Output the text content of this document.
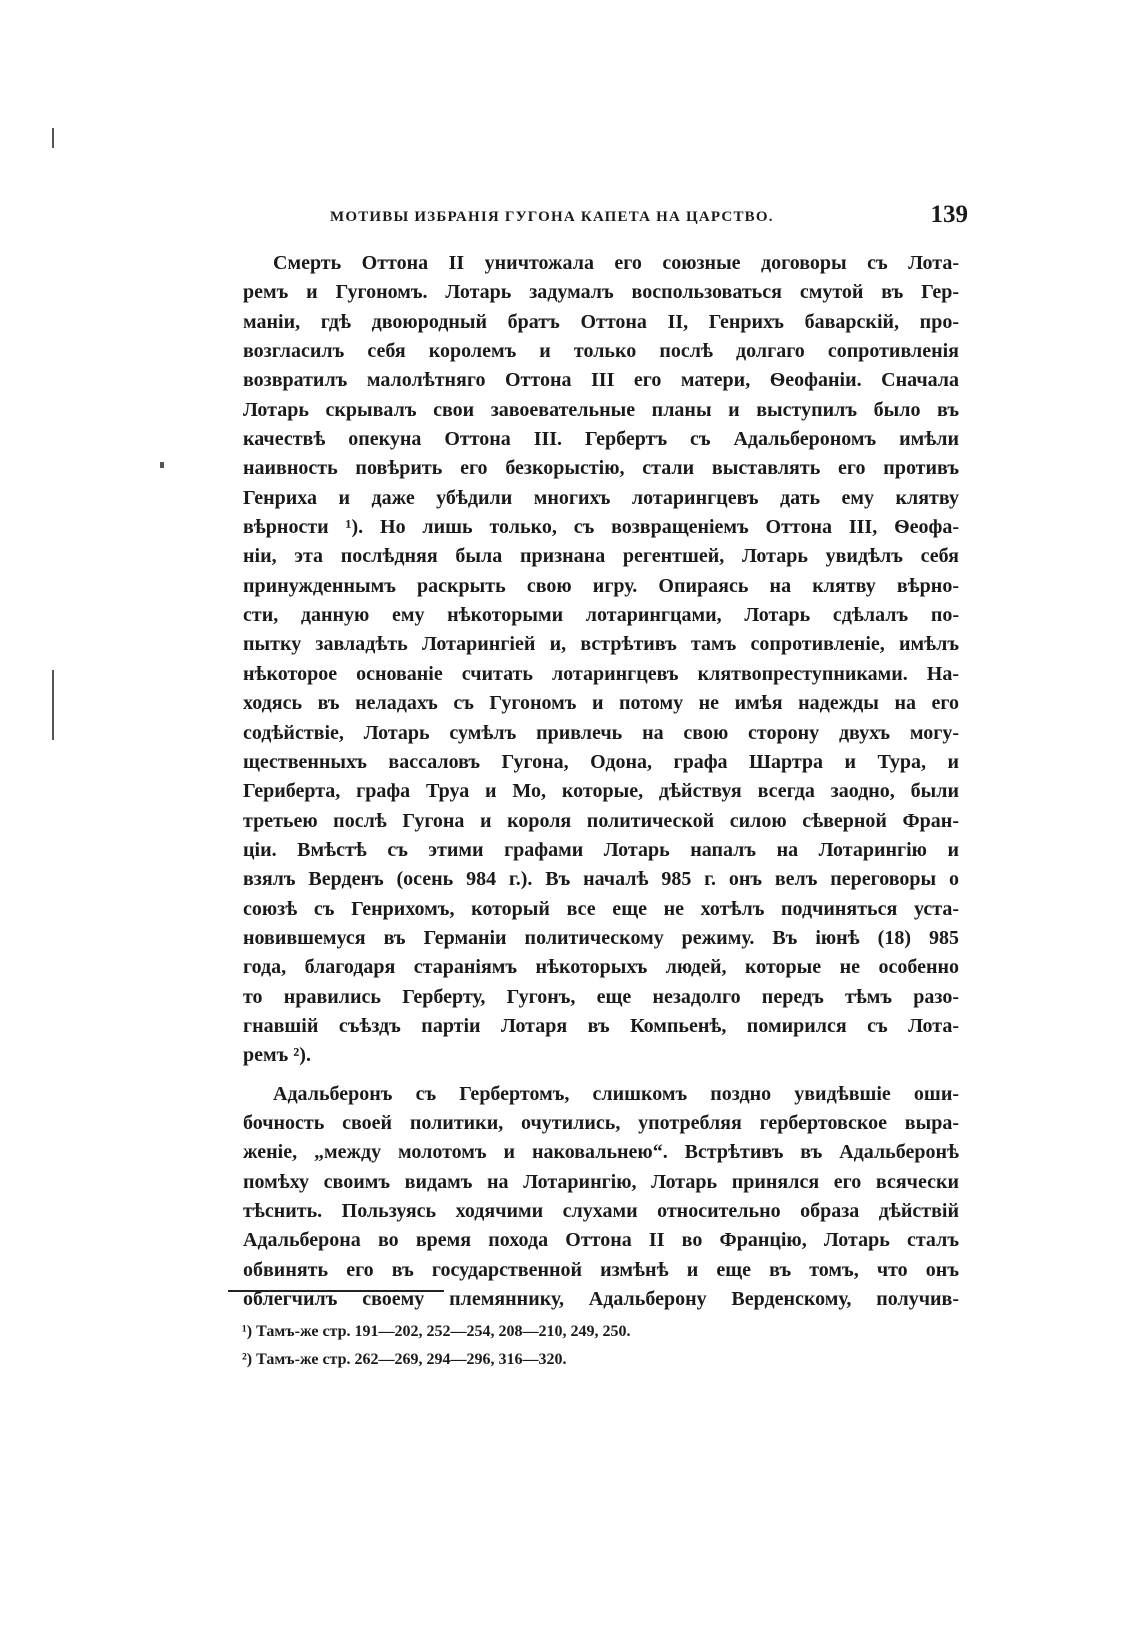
МОТИВЫ ИЗБРАНІЯ ГУГОНА КАПЕТА НА ЦАРСТВО.	139
Смерть Оттона II уничтожала его союзные договоры съ Лота-
ремъ и Гугономъ. Лотарь задумалъ воспользоваться смутой въ Гер-
маніи, гдѣ двоюродный братъ Оттона II, Генрихъ баварскій, про-
возгласилъ себя королемъ и только послѣ долгаго сопротивленія
возвратилъ малолѣтняго Оттона III его матери, Ѳеофаніи. Сначала
Лотарь скрывалъ свои завоевательные планы и выступилъ было въ
качествѣ опекуна Оттона III. Гербертъ съ Адальберономъ имѣли
наивность повѣрить его безкорыстію, стали выставлять его противъ
Генриха и даже убѣдили многихъ лотарингцевъ дать ему клятву
вѣрности ¹). Но лишь только, съ возвращеніемъ Оттона III, Ѳеофа-
ніи, эта послѣдняя была признана регентшей, Лотарь увидѣлъ себя
принужденнымъ раскрыть свою игру. Опираясь на клятву вѣрно-
сти, данную ему нѣкоторыми лотарингцами, Лотарь сдѣлалъ по-
пытку завладѣть Лотарингіей и, встрѣтивъ тамъ сопротивленіе, имѣлъ
нѣкоторое основаніе считать лотарингцевъ клятвопреступниками. На-
ходясь въ неладахъ съ Гугономъ и потому не имѣя надежды на его
содѣйствіе, Лотарь сумѣлъ привлечь на свою сторону двухъ могу-
щественныхъ вассаловъ Гугона, Одона, графа Шартра и Тура, и
Гериберта, графа Труа и Мо, которые, дѣйствуя всегда заодно, были
третьею послѣ Гугона и короля политической силою сѣверной Фран-
ціи. Вмѣстѣ съ этими графами Лотарь напалъ на Лотарингію и
взялъ Верденъ (осень 984 г.). Въ началѣ 985 г. онъ велъ переговоры о
союзѣ съ Генрихомъ, который все еще не хотѣлъ подчиняться уста-
новившемуся въ Германіи политическому режиму. Въ іюнѣ (18) 985
года, благодаря стараніямъ нѣкоторыхъ людей, которые не особенно
то нравились Герберту, Гугонъ, еще незадолго передъ тѣмъ разо-
гнавшій съѣздъ партіи Лотаря въ Компьенѣ, помирился съ Лота-
ремъ ²).
Адальберонъ съ Гербертомъ, слишкомъ поздно увидѣвшіе оши-
бочность своей политики, очутились, употребляя гербертовское выра-
женіе, „между молотомъ и наковальнею“. Встрѣтивъ въ Адальберонѣ
помѣху своимъ видамъ на Лотарингію, Лотарь принялся его всячески
тѣснить. Пользуясь ходячими слухами относительно образа дѣйствій
Адальберона во время похода Оттона II во Францію, Лотарь сталъ
обвинять его въ государственной измѣнѣ и еще въ томъ, что онъ
облегчилъ своему племяннику, Адальберону Верденскому, получив-
¹) Тамъ-же стр. 191—202, 252—254, 208—210, 249, 250.
²) Тамъ-же стр. 262—269, 294—296, 316—320.
